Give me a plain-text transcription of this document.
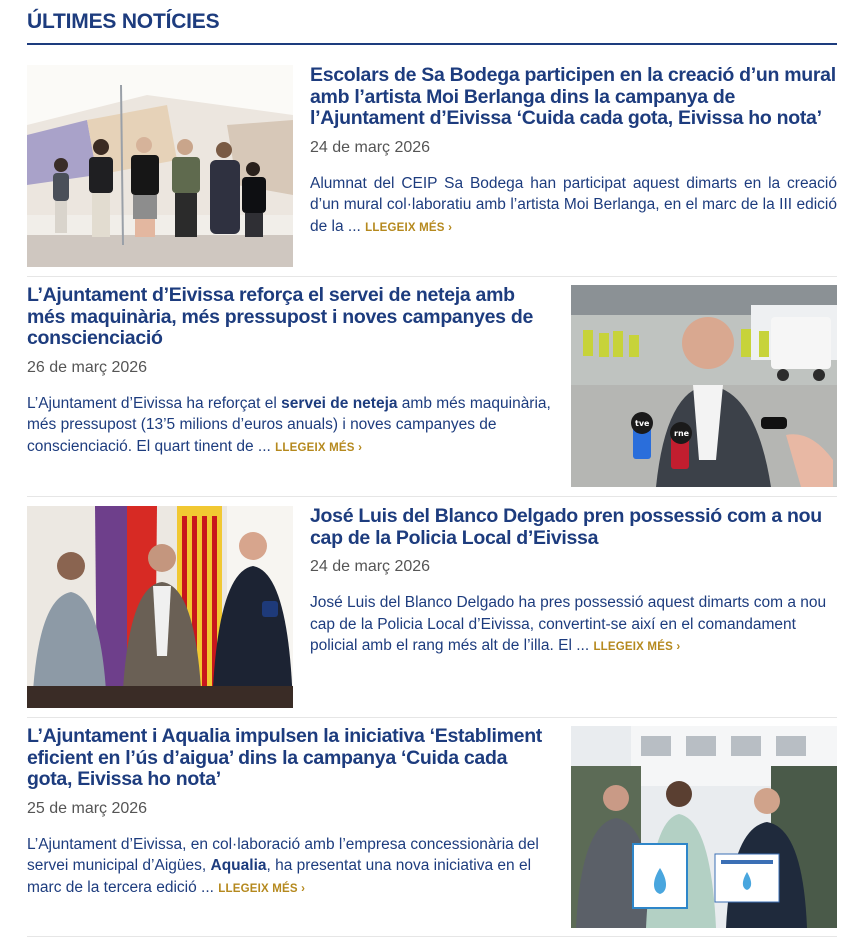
ÚLTIMES NOTÍCIES
Escolars de Sa Bodega participen en la creació d’un mural amb l’artista Moi Berlanga dins la campanya de l’Ajuntament d’Eivissa ‘Cuida cada gota, Eivissa ho nota’
24 de març 2026
Alumnat del CEIP Sa Bodega han participat aquest dimarts en la creació d’un mural col·laboratiu amb l’artista Moi Berlanga, en el marc de la III edició de la ... LLEGEIX MÉS ›
L’Ajuntament d’Eivissa reforça el servei de neteja amb més maquinària, més pressupost i noves campanyes de conscienciació
26 de març 2026
L’Ajuntament d’Eivissa ha reforçat el servei de neteja amb més maquinària, més pressupost (13’5 milions d’euros anuals) i noves campanyes de conscienciació. El quart tinent de ... LLEGEIX MÉS ›
tve
rne
José Luis del Blanco Delgado pren possessió com a nou cap de la Policia Local d’Eivissa
24 de març 2026
José Luis del Blanco Delgado ha pres possessió aquest dimarts com a nou cap de la Policia Local d’Eivissa, convertint-se així en el comandament policial amb el rang més alt de l’illa. El ... LLEGEIX MÉS ›
L’Ajuntament i Aqualia impulsen la iniciativa ‘Establiment eficient en l’ús d’aigua’ dins la campanya ‘Cuida cada gota, Eivissa ho nota’
25 de març 2026
L’Ajuntament d’Eivissa, en col·laboració amb l’empresa concessionària del servei municipal d’Aigües, Aqualia, ha presentat una nova iniciativa en el marc de la tercera edició ... LLEGEIX MÉS ›
